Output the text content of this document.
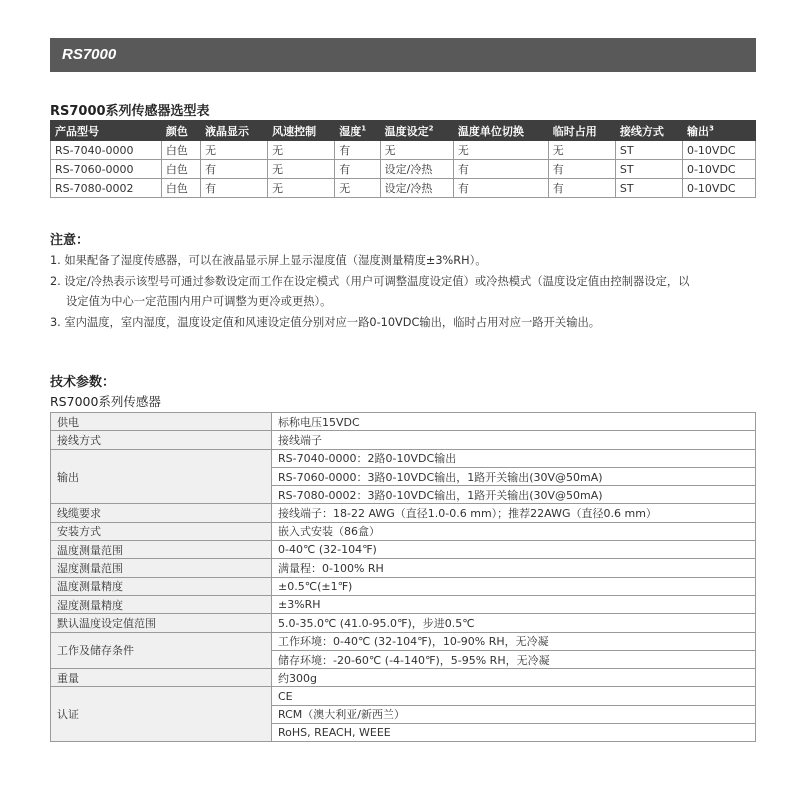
RS7000
RS7000系列传感器选型表
产品型号	颜色	液晶显示	风速控制	湿度$^1$	温度设定$^2$	温度单位切换	临时占用	接线方式	输出$^3$
RS-7040-0000	白色	无	无	有	无	无	无	ST	0-10VDC
RS-7060-0000	白色	有	无	有	设定/冷热	有	有	ST	0-10VDC
RS-7080-0002	白色	有	无	无	设定/冷热	有	有	ST	0-10VDC
注意：

1. 如果配备了湿度传感器，可以在液晶显示屏上显示湿度值（湿度测量精度±3%RH）。

2. 设定/冷热表示该型号可通过参数设定而工作在设定模式（用户可调整温度设定值）或冷热模式（温度设定值由控制器设定，以

设定值为中心一定范围内用户可调整为更冷或更热）。

3. 室内温度，室内湿度，温度设定值和风速设定值分别对应一路0-10VDC输出，临时占用对应一路开关输出。

技术参数：
RS7000系列传感器
供电	标称电压15VDC
接线方式	接线端子
输出	RS-7040-0000：2路0-10VDC输出
	RS-7060-0000：3路0-10VDC输出，1路开关输出(30V@50mA)
	RS-7080-0002：3路0-10VDC输出，1路开关输出(30V@50mA)
线缆要求	接线端子：18-22 AWG（直径1.0-0.6 mm）；推荐22AWG（直径0.6 mm）
安装方式	嵌入式安装（86盒）
温度测量范围	0-40℃ (32-104℉)
湿度测量范围	满量程：0-100% RH
温度测量精度	±0.5℃(±1℉)
湿度测量精度	±3%RH
默认温度设定值范围	5.0-35.0℃ (41.0-95.0℉)，步进0.5℃
工作及储存条件	工作环境：0-40℃ (32-104℉)，10-90% RH，无冷凝
	储存环境：-20-60℃ (-4-140℉)，5-95% RH，无冷凝
重量	约300g
认证	CE
	RCM（澳大利亚/新西兰）
	RoHS, REACH, WEEE
